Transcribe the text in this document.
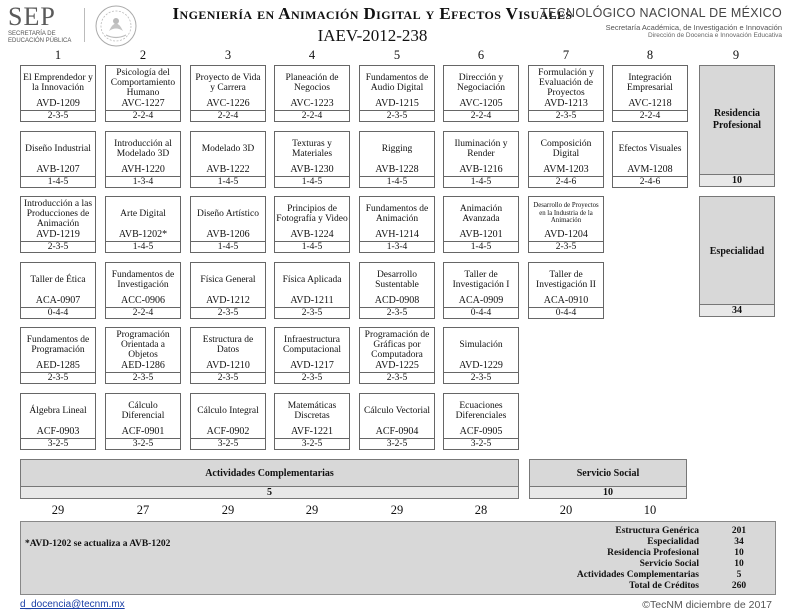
SEP
SECRETARÍA DE
EDUCACIÓN PÚBLICA
Ingeniería en Animación Digital y Efectos Visuales
IAEV-2012-238
TECNOLÓGICO NACIONAL DE MÉXICO
Secretaría Académica, de Investigación e Innovación
Dirección de Docencia e Innovación Educativa
1	2	3	4	5	6	7	8	9
El Emprendedor y la Innovación
AVD-1209
2-3-5
Diseño Industrial
AVB-1207
1-4-5
Introducción a las Producciones de Animación
AVD-1219
2-3-5
Taller de Ética
ACA-0907
0-4-4
Fundamentos de Programación
AED-1285
2-3-5
Álgebra Lineal
ACF-0903
3-2-5
Psicología del Comportamiento Humano
AVC-1227
2-2-4
Introducción al Modelado 3D
AVH-1220
1-3-4
Arte Digital
AVB-1202*
1-4-5
Fundamentos de Investigación
ACC-0906
2-2-4
Programación Orientada a Objetos
AED-1286
2-3-5
Cálculo Diferencial
ACF-0901
3-2-5
Proyecto de Vida y Carrera
AVC-1226
2-2-4
Modelado 3D
AVB-1222
1-4-5
Diseño Artístico
AVB-1206
1-4-5
Física General
AVD-1212
2-3-5
Estructura de Datos
AVD-1210
2-3-5
Cálculo Integral
ACF-0902
3-2-5
Planeación de Negocios
AVC-1223
2-2-4
Texturas y Materiales
AVB-1230
1-4-5
Principios de Fotografía y Video
AVB-1224
1-4-5
Física Aplicada
AVD-1211
2-3-5
Infraestructura Computacional
AVD-1217
2-3-5
Matemáticas Discretas
AVF-1221
3-2-5
Fundamentos de Audio Digital
AVD-1215
2-3-5
Rigging
AVB-1228
1-4-5
Fundamentos de Animación
AVH-1214
1-3-4
Desarrollo Sustentable
ACD-0908
2-3-5
Programación de Gráficas por Computadora
AVD-1225
2-3-5
Cálculo Vectorial
ACF-0904
3-2-5
Dirección y Negociación
AVC-1205
2-2-4
Iluminación y Render
AVB-1216
1-4-5
Animación Avanzada
AVB-1201
1-4-5
Taller de Investigación I
ACA-0909
0-4-4
Simulación
AVD-1229
2-3-5
Ecuaciones Diferenciales
ACF-0905
3-2-5
Formulación y Evaluación de Proyectos
AVD-1213
2-3-5
Composición Digital
AVM-1203
2-4-6
Desarrollo de Proyectos en la Industria de la Animación
AVD-1204
2-3-5
Taller de Investigación II
ACA-0910
0-4-4
Integración Empresarial
AVC-1218
2-2-4
Efectos Visuales
AVM-1208
2-4-6
Residencia Profesional
10
Especialidad
34
Actividades Complementarias
5
Servicio Social
10
29	27	29	29	29	28	20	10
*AVD-1202 se actualiza a AVB-1202
Estructura Genérica	201
Especialidad	34
Residencia Profesional	10
Servicio Social	10
Actividades Complementarias	5
Total de Créditos	260
d_docencia@tecnm.mx	©TecNM diciembre de 2017
